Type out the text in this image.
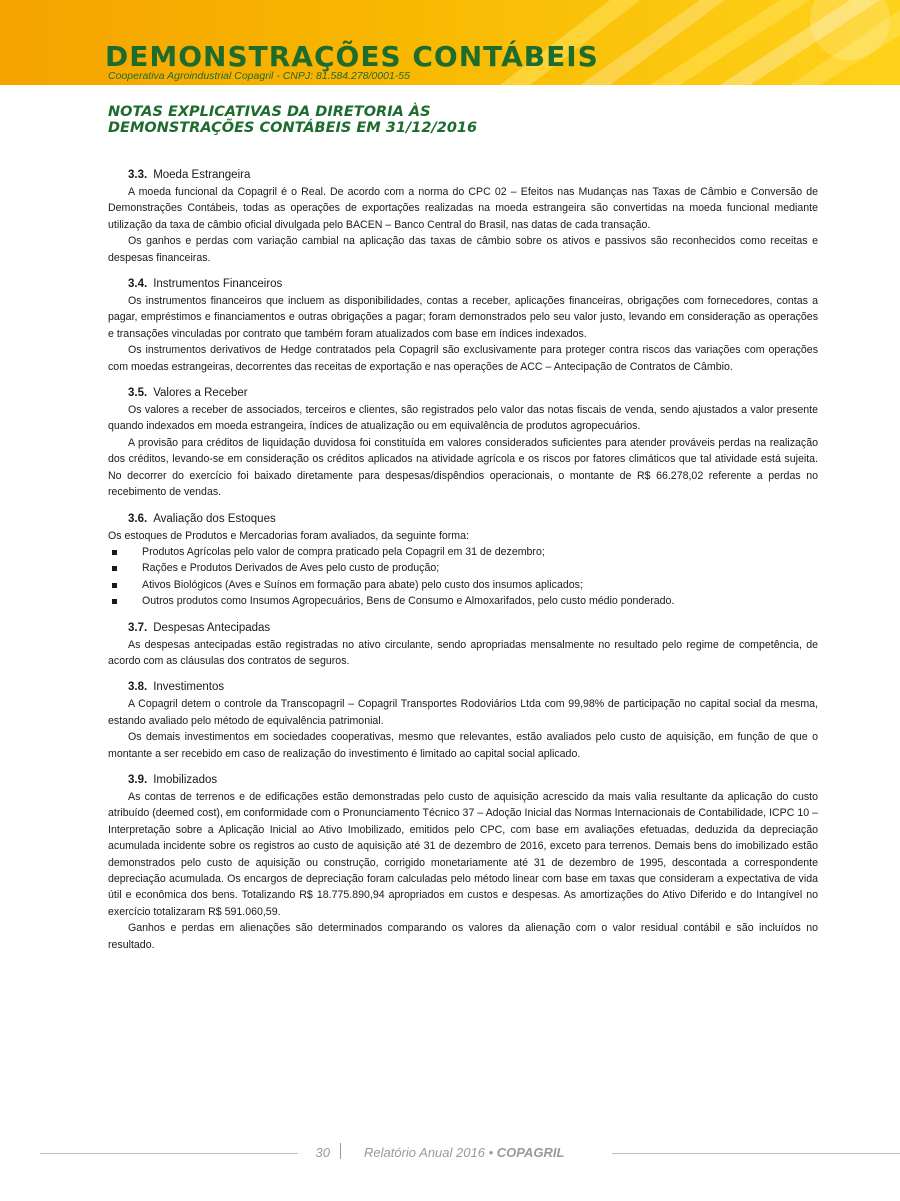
DEMONSTRAÇÕES CONTÁBEIS

Cooperativa Agroindustrial Copagril - CNPJ: 81.584.278/0001-55

NOTAS EXPLICATIVAS DA DIRETORIA ÀS
DEMONSTRAÇÕES CONTÁBEIS EM 31/12/2016
3.3. Moeda Estrangeira

A moeda funcional da Copagril é o Real. De acordo com a norma do CPC 02 – Efeitos nas Mudanças nas Taxas de Câmbio e Conversão de Demonstrações Contábeis, todas as operações de exportações realizadas na moeda estrangeira são convertidas na moeda funcional mediante utilização da taxa de câmbio oficial divulgada pelo BACEN – Banco Central do Brasil, nas datas de cada transação.

Os ganhos e perdas com variação cambial na aplicação das taxas de câmbio sobre os ativos e passivos são reconhecidos como receitas e despesas financeiras.

3.4. Instrumentos Financeiros

Os instrumentos financeiros que incluem as disponibilidades, contas a receber, aplicações financeiras, obrigações com fornecedores, contas a pagar, empréstimos e financiamentos e outras obrigações a pagar; foram demonstrados pelo seu valor justo, levando em consideração as operações e transações vinculadas por contrato que também foram atualizados com base em índices indexados.

Os instrumentos derivativos de Hedge contratados pela Copagril são exclusivamente para proteger contra riscos das variações com operações com moedas estrangeiras, decorrentes das receitas de exportação e nas operações de ACC – Antecipação de Contratos de Câmbio.

3.5. Valores a Receber

Os valores a receber de associados, terceiros e clientes, são registrados pelo valor das notas fiscais de venda, sendo ajustados a valor presente quando indexados em moeda estrangeira, índices de atualização ou em equivalência de produtos agropecuários.

A provisão para créditos de liquidação duvidosa foi constituída em valores considerados suficientes para atender prováveis perdas na realização dos créditos, levando-se em consideração os créditos aplicados na atividade agrícola e os riscos por fatores climáticos que tal atividade está sujeita. No decorrer do exercício foi baixado diretamente para despesas/dispêndios operacionais, o montante de R$ 66.278,02 referente a perdas no recebimento de vendas.

3.6. Avaliação dos Estoques

Os estoques de Produtos e Mercadorias foram avaliados, da seguinte forma:

Produtos Agrícolas pelo valor de compra praticado pela Copagril em 31 de dezembro;
Rações e Produtos Derivados de Aves pelo custo de produção;
Ativos Biológicos (Aves e Suínos em formação para abate) pelo custo dos insumos aplicados;
Outros produtos como Insumos Agropecuários, Bens de Consumo e Almoxarifados, pelo custo médio ponderado.
3.7. Despesas Antecipadas

As despesas antecipadas estão registradas no ativo circulante, sendo apropriadas mensalmente no resultado pelo regime de competência, de acordo com as cláusulas dos contratos de seguros.

3.8. Investimentos

A Copagril detem o controle da Transcopagril – Copagril Transportes Rodoviários Ltda com 99,98% de participação no capital social da mesma, estando avaliado pelo método de equivalência patrimonial.

Os demais investimentos em sociedades cooperativas, mesmo que relevantes, estão avaliados pelo custo de aquisição, em função de que o montante a ser recebido em caso de realização do investimento é limitado ao capital social aplicado.

3.9. Imobilizados

As contas de terrenos e de edificações estão demonstradas pelo custo de aquisição acrescido da mais valia resultante da aplicação do custo atribuído (deemed cost), em conformidade com o Pronunciamento Técnico 37 – Adoção Inicial das Normas Internacionais de Contabilidade, ICPC 10 – Interpretação sobre a Aplicação Inicial ao Ativo Imobilizado, emitidos pelo CPC, com base em avaliações efetuadas, deduzida da depreciação acumulada incidente sobre os registros ao custo de aquisição até 31 de dezembro de 2016, exceto para terrenos. Demais bens do imobilizado estão demonstrados pelo custo de aquisição ou construção, corrigido monetariamente até 31 de dezembro de 1995, descontada a correspondente depreciação acumulada. Os encargos de depreciação foram calculadas pelo método linear com base em taxas que consideram a expectativa de vida útil e econômica dos bens. Totalizando R$ 18.775.890,94 apropriados em custos e despesas. As amortizações do Ativo Diferido e do Intangível no exercício totalizaram R$ 591.060,59.

Ganhos e perdas em alienações são determinados comparando os valores da alienação com o valor residual contábil e são incluídos no resultado.

30	Relatório Anual 2016 • COPAGRIL
